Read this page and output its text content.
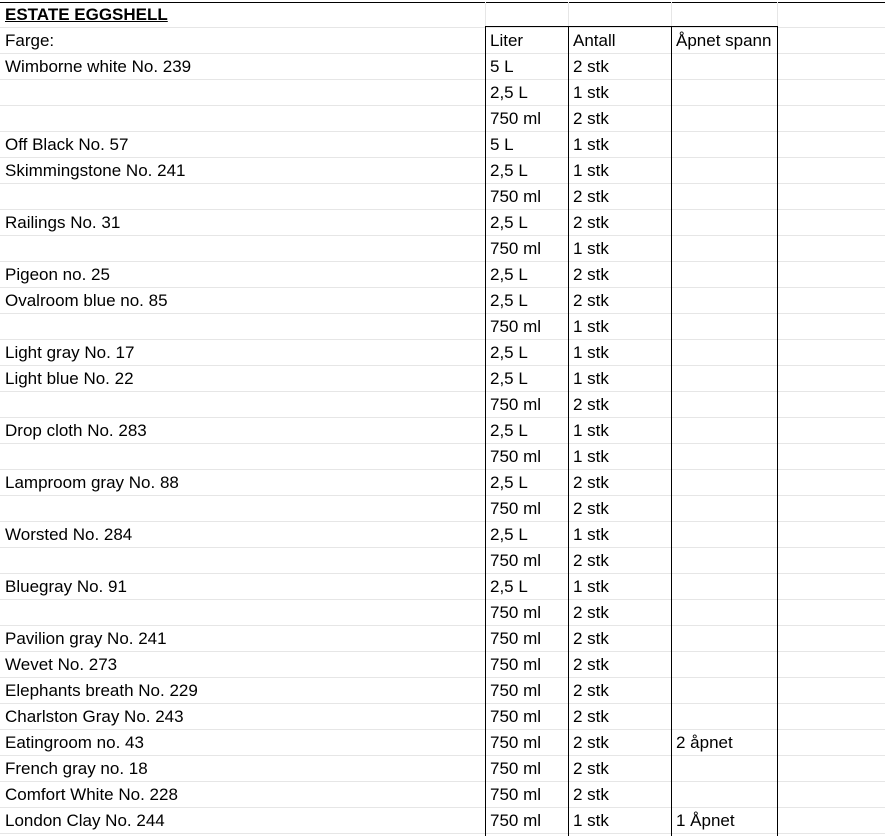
ESTATE EGGSHELL
Farge:	Liter	Antall	Åpnet spann
Wimborne white No. 239	5 L	2 stk
2,5 L	1 stk
750 ml	2 stk
Off Black No. 57	5 L	1 stk
Skimmingstone No. 241	2,5 L	1 stk
750 ml	2 stk
Railings No. 31	2,5 L	2 stk
750 ml	1 stk
Pigeon no. 25	2,5 L	2 stk
Ovalroom blue no. 85	2,5 L	2 stk
750 ml	1 stk
Light gray No. 17	2,5 L	1 stk
Light blue No. 22	2,5 L	1 stk
750 ml	2 stk
Drop cloth No. 283	2,5 L	1 stk
750 ml	1 stk
Lamproom gray No. 88	2,5 L	2 stk
750 ml	2 stk
Worsted No. 284	2,5 L	1 stk
750 ml	2 stk
Bluegray No. 91	2,5 L	1 stk
750 ml	2 stk
Pavilion gray No. 241	750 ml	2 stk
Wevet No. 273	750 ml	2 stk
Elephants breath No. 229	750 ml	2 stk
Charlston Gray No. 243	750 ml	2 stk
Eatingroom no. 43	750 ml	2 stk	2 åpnet
French gray no. 18	750 ml	2 stk
Comfort White No. 228	750 ml	2 stk
London Clay No. 244	750 ml	1 stk	1 Åpnet
